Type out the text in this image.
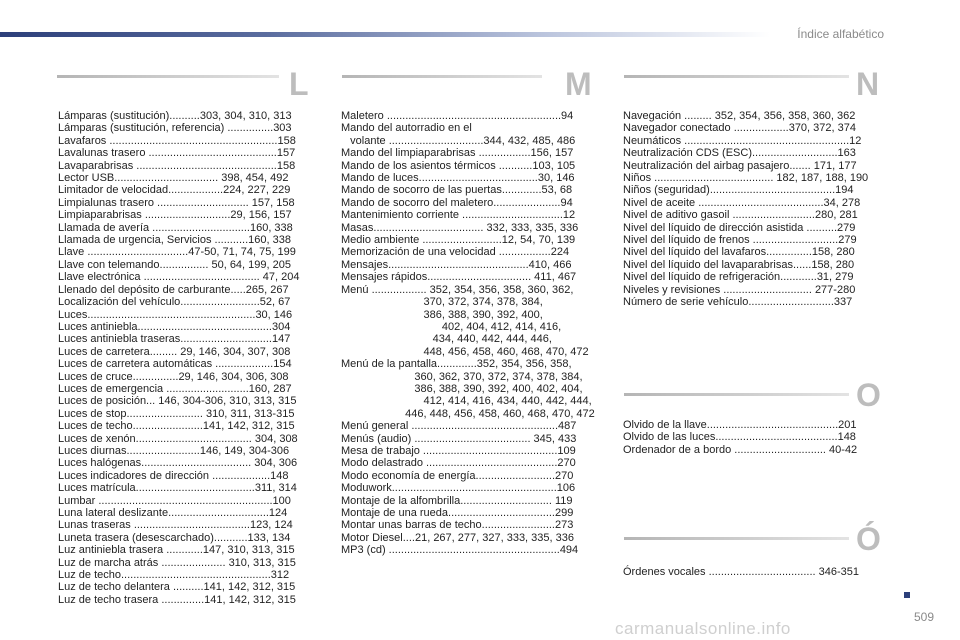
Índice alfabético
L
Lámparas (sustitución)..........303, 304, 310, 313
Lámparas (sustitución, referencia) ...............303
Lavafaros .......................................................158
Lavalunas trasero ..........................................157
Lavaparabrisas ..............................................158
Lector USB.................................. 398, 454, 492
Limitador de velocidad..................224, 227, 229
Limpialunas trasero .............................. 157, 158
Limpiaparabrisas ............................29, 156, 157
Llamada de avería ................................160, 338
Llamada de urgencia, Servicios ...........160, 338
Llave .................................47-50, 71, 74, 75, 199
Llave con telemando................ 50, 64, 199, 205
Llave electrónica ...................................... 47, 204
Llenado del depósito de carburante.....265, 267
Localización del vehículo..........................52, 67
Luces.......................................................30, 146
Luces antiniebla............................................304
Luces antiniebla traseras..............................147
Luces de carretera......... 29, 146, 304, 307, 308
Luces de carretera automáticas ...................154
Luces de cruce...............29, 146, 304, 306, 308
Luces de emergencia ...........................160, 287
Luces de posición... 146, 304-306, 310, 313, 315
Luces de stop......................... 310, 311, 313-315
Luces de techo.......................141, 142, 312, 315
Luces de xenón...................................... 304, 308
Luces diurnas........................146, 149, 304-306
Luces halógenas.................................... 304, 306
Luces indicadores de dirección ...................148
Luces matrícula.......................................311, 314
Lumbar .........................................................100
Luna lateral deslizante.................................124
Lunas traseras ......................................123, 124
Luneta trasera (desescarchado)...........133, 134
Luz antiniebla trasera ............147, 310, 313, 315
Luz de marcha atrás ..................... 310, 313, 315
Luz de techo.................................................312
Luz de techo delantera ..........141, 142, 312, 315
Luz de techo trasera ..............141, 142, 312, 315
M
Maletero .........................................................94
Mando del autorradio en el
volante ...............................344, 432, 485, 486
Mando del limpiaparabrisas .................156, 157
Mando de los asientos térmicos ...........103, 105
Mando de luces.......................................30, 146
Mando de socorro de las puertas.............53, 68
Mando de socorro del maletero......................94
Mantenimiento corriente .................................12
Masas.................................... 332, 333, 335, 336
Medio ambiente ..........................12, 54, 70, 139
Memorización de una velocidad .................224
Mensajes..............................................410, 466
Mensajes rápidos.................................. 411, 467
Menú .................. 352, 354, 356, 358, 360, 362,
370, 372, 374, 378, 384,
386, 388, 390, 392, 400,
402, 404, 412, 414, 416,
434, 440, 442, 444, 446,
448, 456, 458, 460, 468, 470, 472
Menú de la pantalla.............352, 354, 356, 358,
360, 362, 370, 372, 374, 378, 384,
386, 388, 390, 392, 400, 402, 404,
412, 414, 416, 434, 440, 442, 444,
446, 448, 456, 458, 460, 468, 470, 472
Menú general ................................................487
Menús (audio) ...................................... 345, 433
Mesa de trabajo ............................................109
Modo delastrado ...........................................270
Modo economía de energía..........................270
Moduwork......................................................106
Montaje de la alfombrilla.............................. 119
Montaje de una rueda...................................299
Montar unas barras de techo........................273
Motor Diesel....21, 267, 277, 327, 333, 335, 336
MP3 (cd) ........................................................494
N
Navegación ......... 352, 354, 356, 358, 360, 362
Navegador conectado ..................370, 372, 374
Neumáticos ......................................................12
Neutralización CDS (ESC)............................163
Neutralización del airbag pasajero....... 171, 177
Niños ....................................... 182, 187, 188, 190
Niños (seguridad).........................................194
Nivel de aceite .........................................34, 278
Nivel de aditivo gasoil ...........................280, 281
Nivel del líquido de dirección asistida ..........279
Nivel del líquido de frenos ............................279
Nivel del líquido del lavafaros...............158, 280
Nivel del líquido del lavaparabrisas......158, 280
Nivel del líquido de refrigeración............31, 279
Niveles y revisiones ............................. 277-280
Número de serie vehículo............................337
O
Olvido de la llave...........................................201
Olvido de las luces........................................148
Ordenador de a bordo .............................. 40-42
Ó
Órdenes vocales ................................... 346-351
509
carmanualsonline.info
